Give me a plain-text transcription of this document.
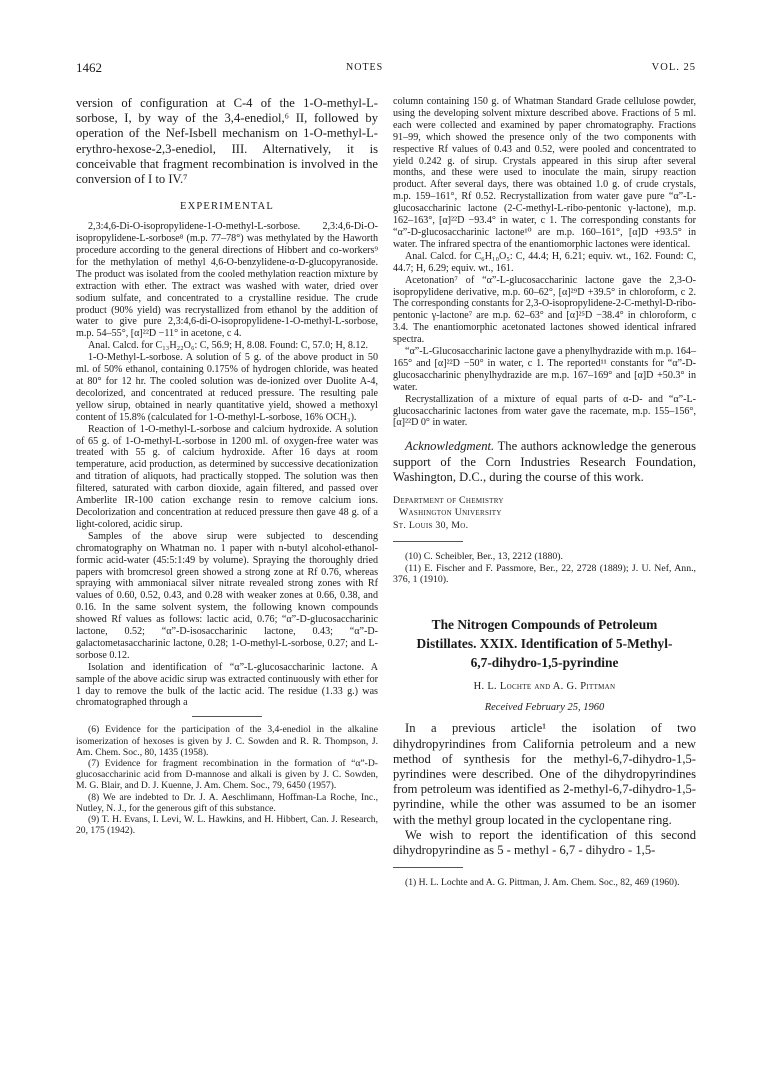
1462	NOTES	VOL. 25

version of configuration at C-4 of the 1-O-methyl-L-sorbose, I, by way of the 3,4-enediol,⁶ II, followed by operation of the Nef-Isbell mechanism on 1-O-methyl-L-erythro-hexose-2,3-enediol, III. Alternatively, it is conceivable that fragment recombination is involved in the conversion of I to IV.⁷

EXPERIMENTAL

2,3:4,6-Di-O-isopropylidene-1-O-methyl-L-sorbose. 2,3:4,6-Di-O-isopropylidene-L-sorbose⁸ (m.p. 77–78°) was methylated by the Haworth procedure according to the general directions of Hibbert and co-workers⁹ for the methylation of methyl 4,6-O-benzylidene-α-D-glucopyranoside. The product was isolated from the cooled methylation reaction mixture by extraction with ether. The extract was washed with water, dried over sodium sulfate, and concentrated to a crystalline residue. The crude product (90% yield) was recrystallized from ethanol by the addition of water to give pure 2,3:4,6-di-O-isopropylidene-1-O-methyl-L-sorbose, m.p. 54–55°, [α]²²D −11° in acetone, c 4.

Anal. Calcd. for C₁₃H₂₂O₆: C, 56.9; H, 8.08. Found: C, 57.0; H, 8.12.

1-O-Methyl-L-sorbose. A solution of 5 g. of the above product in 50 ml. of 50% ethanol, containing 0.175% of hydrogen chloride, was heated at 80° for 12 hr. The cooled solution was de-ionized over Duolite A-4, decolorized, and concentrated at reduced pressure. The resulting pale yellow sirup, obtained in nearly quantitative yield, showed a methoxyl content of 15.8% (calculated for 1-O-methyl-L-sorbose, 16% OCH₃).

Reaction of 1-O-methyl-L-sorbose and calcium hydroxide. A solution of 65 g. of 1-O-methyl-L-sorbose in 1200 ml. of oxygen-free water was treated with 55 g. of calcium hydroxide. After 16 days at room temperature, acid production, as determined by successive decationization and titration of aliquots, had practically stopped. The solution was then filtered, saturated with carbon dioxide, again filtered, and passed over Amberlite IR-100 cation exchange resin to remove calcium ions. Decolorization and concentration at reduced pressure then gave 48 g. of a light-colored, acidic sirup.

Samples of the above sirup were subjected to descending chromatography on Whatman no. 1 paper with n-butyl alcohol-ethanol-formic acid-water (45:5:1:49 by volume). Spraying the thoroughly dried papers with bromcresol green showed a strong zone at Rf 0.76, whereas spraying with ammoniacal silver nitrate revealed strong zones with Rf values of 0.60, 0.52, 0.43, and 0.28 with weaker zones at 0.66, 0.38, and 0.16. In the same solvent system, the following known compounds showed Rf values as follows: lactic acid, 0.76; “α”-D-glucosaccharinic lactone, 0.52; “α”-D-isosaccharinic lactone, 0.43; “α”-D-galactometasaccharinic lactone, 0.28; 1-O-methyl-L-sorbose, 0.27; and L-sorbose 0.12.

Isolation and identification of “α”-L-glucosaccharinic lactone. A sample of the above acidic sirup was extracted continuously with ether for 1 day to remove the bulk of the lactic acid. The residue (1.33 g.) was chromatographed through a

(6) Evidence for the participation of the 3,4-enediol in the alkaline isomerization of hexoses is given by J. C. Sowden and R. R. Thompson, J. Am. Chem. Soc., 80, 1435 (1958).

(7) Evidence for fragment recombination in the formation of “α”-D-glucosaccharinic acid from D-mannose and alkali is given by J. C. Sowden, M. G. Blair, and D. J. Kuenne, J. Am. Chem. Soc., 79, 6450 (1957).

(8) We are indebted to Dr. J. A. Aeschlimann, Hoffman-La Roche, Inc., Nutley, N. J., for the generous gift of this substance.

(9) T. H. Evans, I. Levi, W. L. Hawkins, and H. Hibbert, Can. J. Research, 20, 175 (1942).

column containing 150 g. of Whatman Standard Grade cellulose powder, using the developing solvent mixture described above. Fractions of 5 ml. each were collected and examined by paper chromatography. Fractions 91–99, which showed the presence only of the two components with respective Rf values of 0.43 and 0.52, were pooled and concentrated to yield 0.242 g. of sirup. Crystals appeared in this sirup after several months, and these were used to inoculate the main, sirupy reaction product. After several days, there was obtained 1.0 g. of crude crystals, m.p. 159–161°, Rf 0.52. Recrystallization from water gave pure “α”-L-glucosaccharinic lactone (2-C-methyl-L-ribo-pentonic γ-lactone), m.p. 162–163°, [α]²²D −93.4° in water, c 1. The corresponding constants for “α”-D-glucosaccharinic lactone¹⁰ are m.p. 160–161°, [α]D +93.5° in water. The infrared spectra of the enantiomorphic lactones were identical.

Anal. Calcd. for C₆H₁₀O₅: C, 44.4; H, 6.21; equiv. wt., 162. Found: C, 44.7; H, 6.29; equiv. wt., 161.

Acetonation⁷ of “α”-L-glucosaccharinic lactone gave the 2,3-O-isopropylidene derivative, m.p. 60–62°, [α]²⁹D +39.5° in chloroform, c 2. The corresponding constants for 2,3-O-isopropylidene-2-C-methyl-D-ribo-pentonic γ-lactone⁷ are m.p. 62–63° and [α]²⁵D −38.4° in chloroform, c 3.4. The enantiomorphic acetonated lactones showed identical infrared spectra.

“α”-L-Glucosaccharinic lactone gave a phenylhydrazide with m.p. 164–165° and [α]²²D −50° in water, c 1. The reported¹¹ constants for “α”-D-glucosaccharinic phenylhydrazide are m.p. 167–169° and [α]D +50.3° in water.

Recrystallization of a mixture of equal parts of α-D- and “α”-L-glucosaccharinic lactones from water gave the racemate, m.p. 155–156°, [α]²²D 0° in water.

Acknowledgment. The authors acknowledge the generous support of the Corn Industries Research Foundation, Washington, D.C., during the course of this work.

Department of Chemistry
Washington University
St. Louis 30, Mo.

(10) C. Scheibler, Ber., 13, 2212 (1880).

(11) E. Fischer and F. Passmore, Ber., 22, 2728 (1889); J. U. Nef, Ann., 376, 1 (1910).

The Nitrogen Compounds of Petroleum
Distillates. XXIX. Identification of 5-Methyl-
6,7-dihydro-1,5-pyrindine
H. L. Lochte and A. G. Pittman
Received February 25, 1960

In a previous article¹ the isolation of two dihydropyrindines from California petroleum and a new method of synthesis for the methyl-6,7-dihydro-1,5-pyrindines were described. One of the dihydropyrindines from petroleum was identified as 2-methyl-6,7-dihydro-1,5-pyrindine, while the other was assumed to be an isomer with the methyl group located in the cyclopentane ring.

We wish to report the identification of this second dihydropyrindine as 5 - methyl - 6,7 - dihydro - 1,5-

(1) H. L. Lochte and A. G. Pittman, J. Am. Chem. Soc., 82, 469 (1960).
